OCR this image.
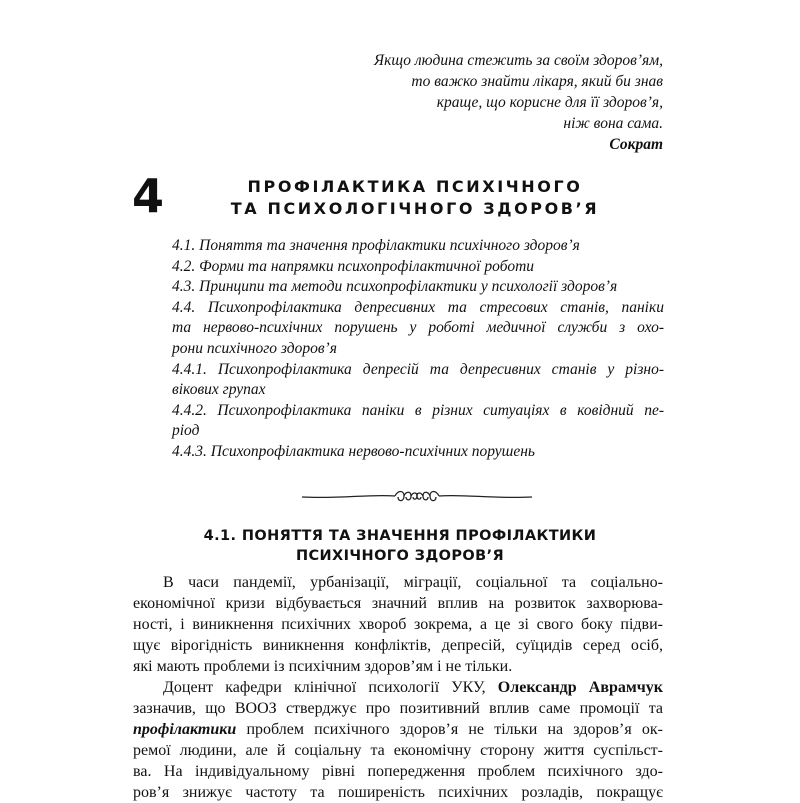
Якщо людина стежить за своїм здоров’ям,
то важко знайти лікаря, який би знав
краще, що корисне для її здоров’я,
ніж вона сама.
Сократ
4	ПРОФІЛАКТИКА ПСИХІЧНОГО
ТА ПСИХОЛОГІЧНОГО ЗДОРОВ’Я
4.1. Поняття та значення профілактики психічного здоров’я
4.2. Форми та напрямки психопрофілактичної роботи
4.3. Принципи та методи психопрофілактики у психології здоров’я
4.4. Психопрофілактика депресивних та стресових станів, паніки
та нервово-психічних порушень у роботі медичної служби з охо-
рони психічного здоров’я
4.4.1. Психопрофілактика депресій та депресивних станів у різно-
вікових групах
4.4.2. Психопрофілактика паніки в різних ситуаціях в ковідний пе-
ріод
4.4.3. Психопрофілактика нервово-психічних порушень
4.1. ПОНЯТТЯ ТА ЗНАЧЕННЯ ПРОФІЛАКТИКИ
ПСИХІЧНОГО ЗДОРОВ’Я
В часи пандемії, урбанізації, міграції, соціальної та соціально-
економічної кризи відбувається значний вплив на розвиток захворюва-
ності, і виникнення психічних хвороб зокрема, а це зі свого боку підви-
щує вірогідність виникнення конфліктів, депресій, суїцидів серед осіб,
які мають проблеми із психічним здоров’ям і не тільки.
Доцент кафедри клінічної психології УКУ, Олександр Аврамчук
зазначив, що ВООЗ стверджує про позитивний вплив саме промоції та
профілактики проблем психічного здоров’я не тільки на здоров’я ок-
ремої людини, але й соціальну та економічну сторону життя суспільст-
ва. На індивідуальному рівні попередження проблем психічного здо-
ров’я знижує частоту та поширеність психічних розладів, покращує
